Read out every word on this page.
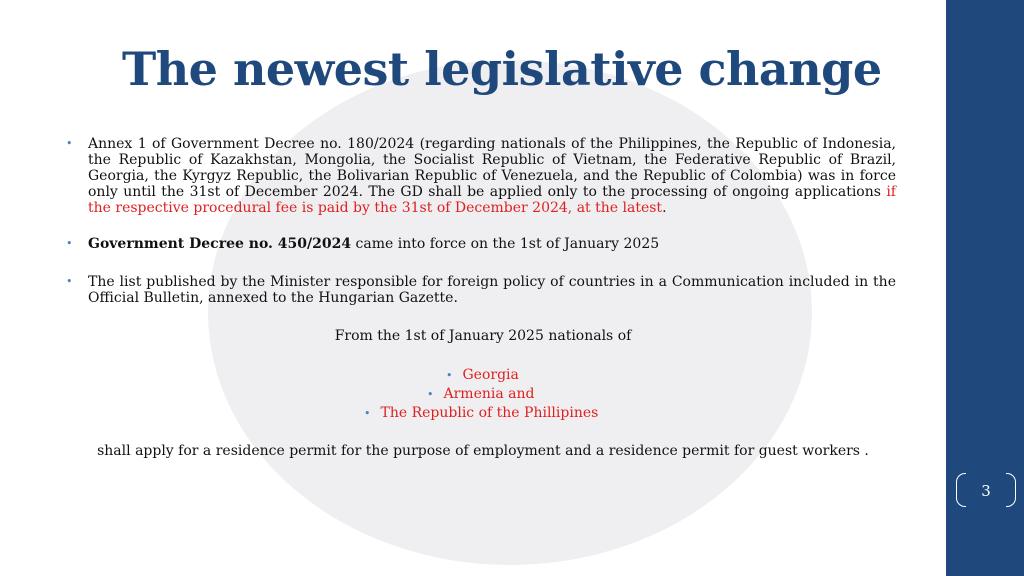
3
The newest legislative change
• Annex 1 of Government Decree no. 180/2024 (regarding nationals of the Philippines, the Republic of Indonesia, the Republic of Kazakhstan, Mongolia, the Socialist Republic of Vietnam, the Federative Republic of Brazil, Georgia, the Kyrgyz Republic, the Bolivarian Republic of Venezuela, and the Republic of Colombia) was in force only until the 31st of December 2024. The GD shall be applied only to the processing of ongoing applications if the respective procedural fee is paid by the 31st of December 2024, at the latest.
• Government Decree no. 450/2024 came into force on the 1st of January 2025
• The list published by the Minister responsible for foreign policy of countries in a Communication included in the Official Bulletin, annexed to the Hungarian Gazette.
From the 1st of January 2025 nationals of
• Georgia
• Armenia and
• The Republic of the Phillipines
shall apply for a residence permit for the purpose of employment and a residence permit for guest workers .
